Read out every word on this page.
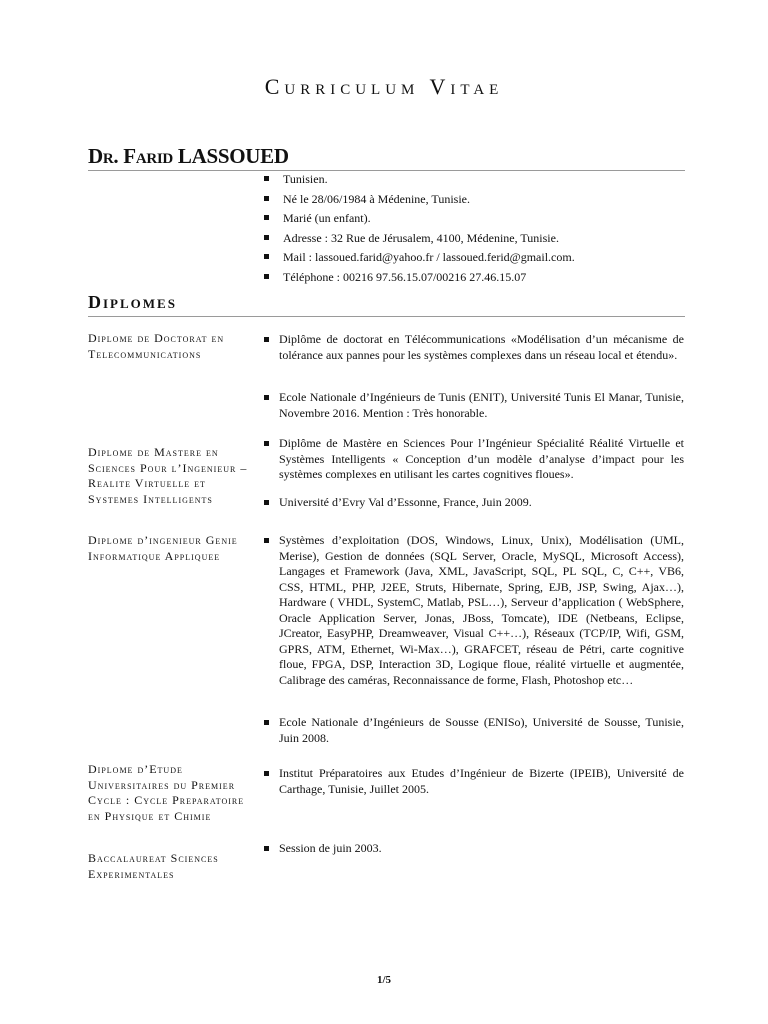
Curriculum Vitae
Dr. Farid LASSOUED
Tunisien.
Né le 28/06/1984 à Médenine, Tunisie.
Marié (un enfant).
Adresse : 32 Rue de Jérusalem, 4100, Médenine, Tunisie.
Mail : lassoued.farid@yahoo.fr / lassoued.ferid@gmail.com.
Téléphone : 00216 97.56.15.07/00216 27.46.15.07
Diplomes
Diplome de Doctorat en Telecommunications
Diplôme de doctorat en Télécommunications «Modélisation d’un mécanisme de tolérance aux pannes pour les systèmes complexes dans un réseau local et étendu».
Ecole Nationale d’Ingénieurs de Tunis (ENIT), Université Tunis El Manar, Tunisie, Novembre 2016. Mention : Très honorable.
Diplome de Mastere en Sciences Pour l’Ingenieur –Realite Virtuelle et Systemes Intelligents
Diplôme de Mastère en Sciences Pour l’Ingénieur Spécialité Réalité Virtuelle et Systèmes Intelligents « Conception d’un modèle d’analyse d’impact pour les systèmes complexes en utilisant les cartes cognitives floues».
Université d’Evry Val d’Essonne, France, Juin 2009.
Diplome d’ingenieur Genie Informatique Appliquee
Systèmes d’exploitation (DOS, Windows, Linux, Unix), Modélisation (UML, Merise), Gestion de données (SQL Server, Oracle, MySQL, Microsoft Access), Langages et Framework (Java, XML, JavaScript, SQL, PL SQL, C, C++, VB6, CSS, HTML, PHP, J2EE, Struts, Hibernate, Spring, EJB, JSP, Swing, Ajax…), Hardware ( VHDL, SystemC, Matlab, PSL…), Serveur d’application ( WebSphere, Oracle Application Server, Jonas, JBoss, Tomcate), IDE (Netbeans, Eclipse, JCreator, EasyPHP, Dreamweaver, Visual C++…), Réseaux (TCP/IP, Wifi, GSM, GPRS, ATM, Ethernet, Wi-Max…), GRAFCET, réseau de Pétri, carte cognitive floue, FPGA, DSP, Interaction 3D, Logique floue, réalité virtuelle et augmentée, Calibrage des caméras, Reconnaissance de forme, Flash, Photoshop etc…
Ecole Nationale d’Ingénieurs de Sousse (ENISo), Université de Sousse, Tunisie, Juin 2008.
Diplome d’Etude Universitaires du Premier Cycle : Cycle Preparatoire en Physique et Chimie
Institut Préparatoires aux Etudes d’Ingénieur de Bizerte (IPEIB), Université de Carthage, Tunisie, Juillet 2005.
Baccalaureat Sciences Experimentales
Session de juin 2003.
1/5
